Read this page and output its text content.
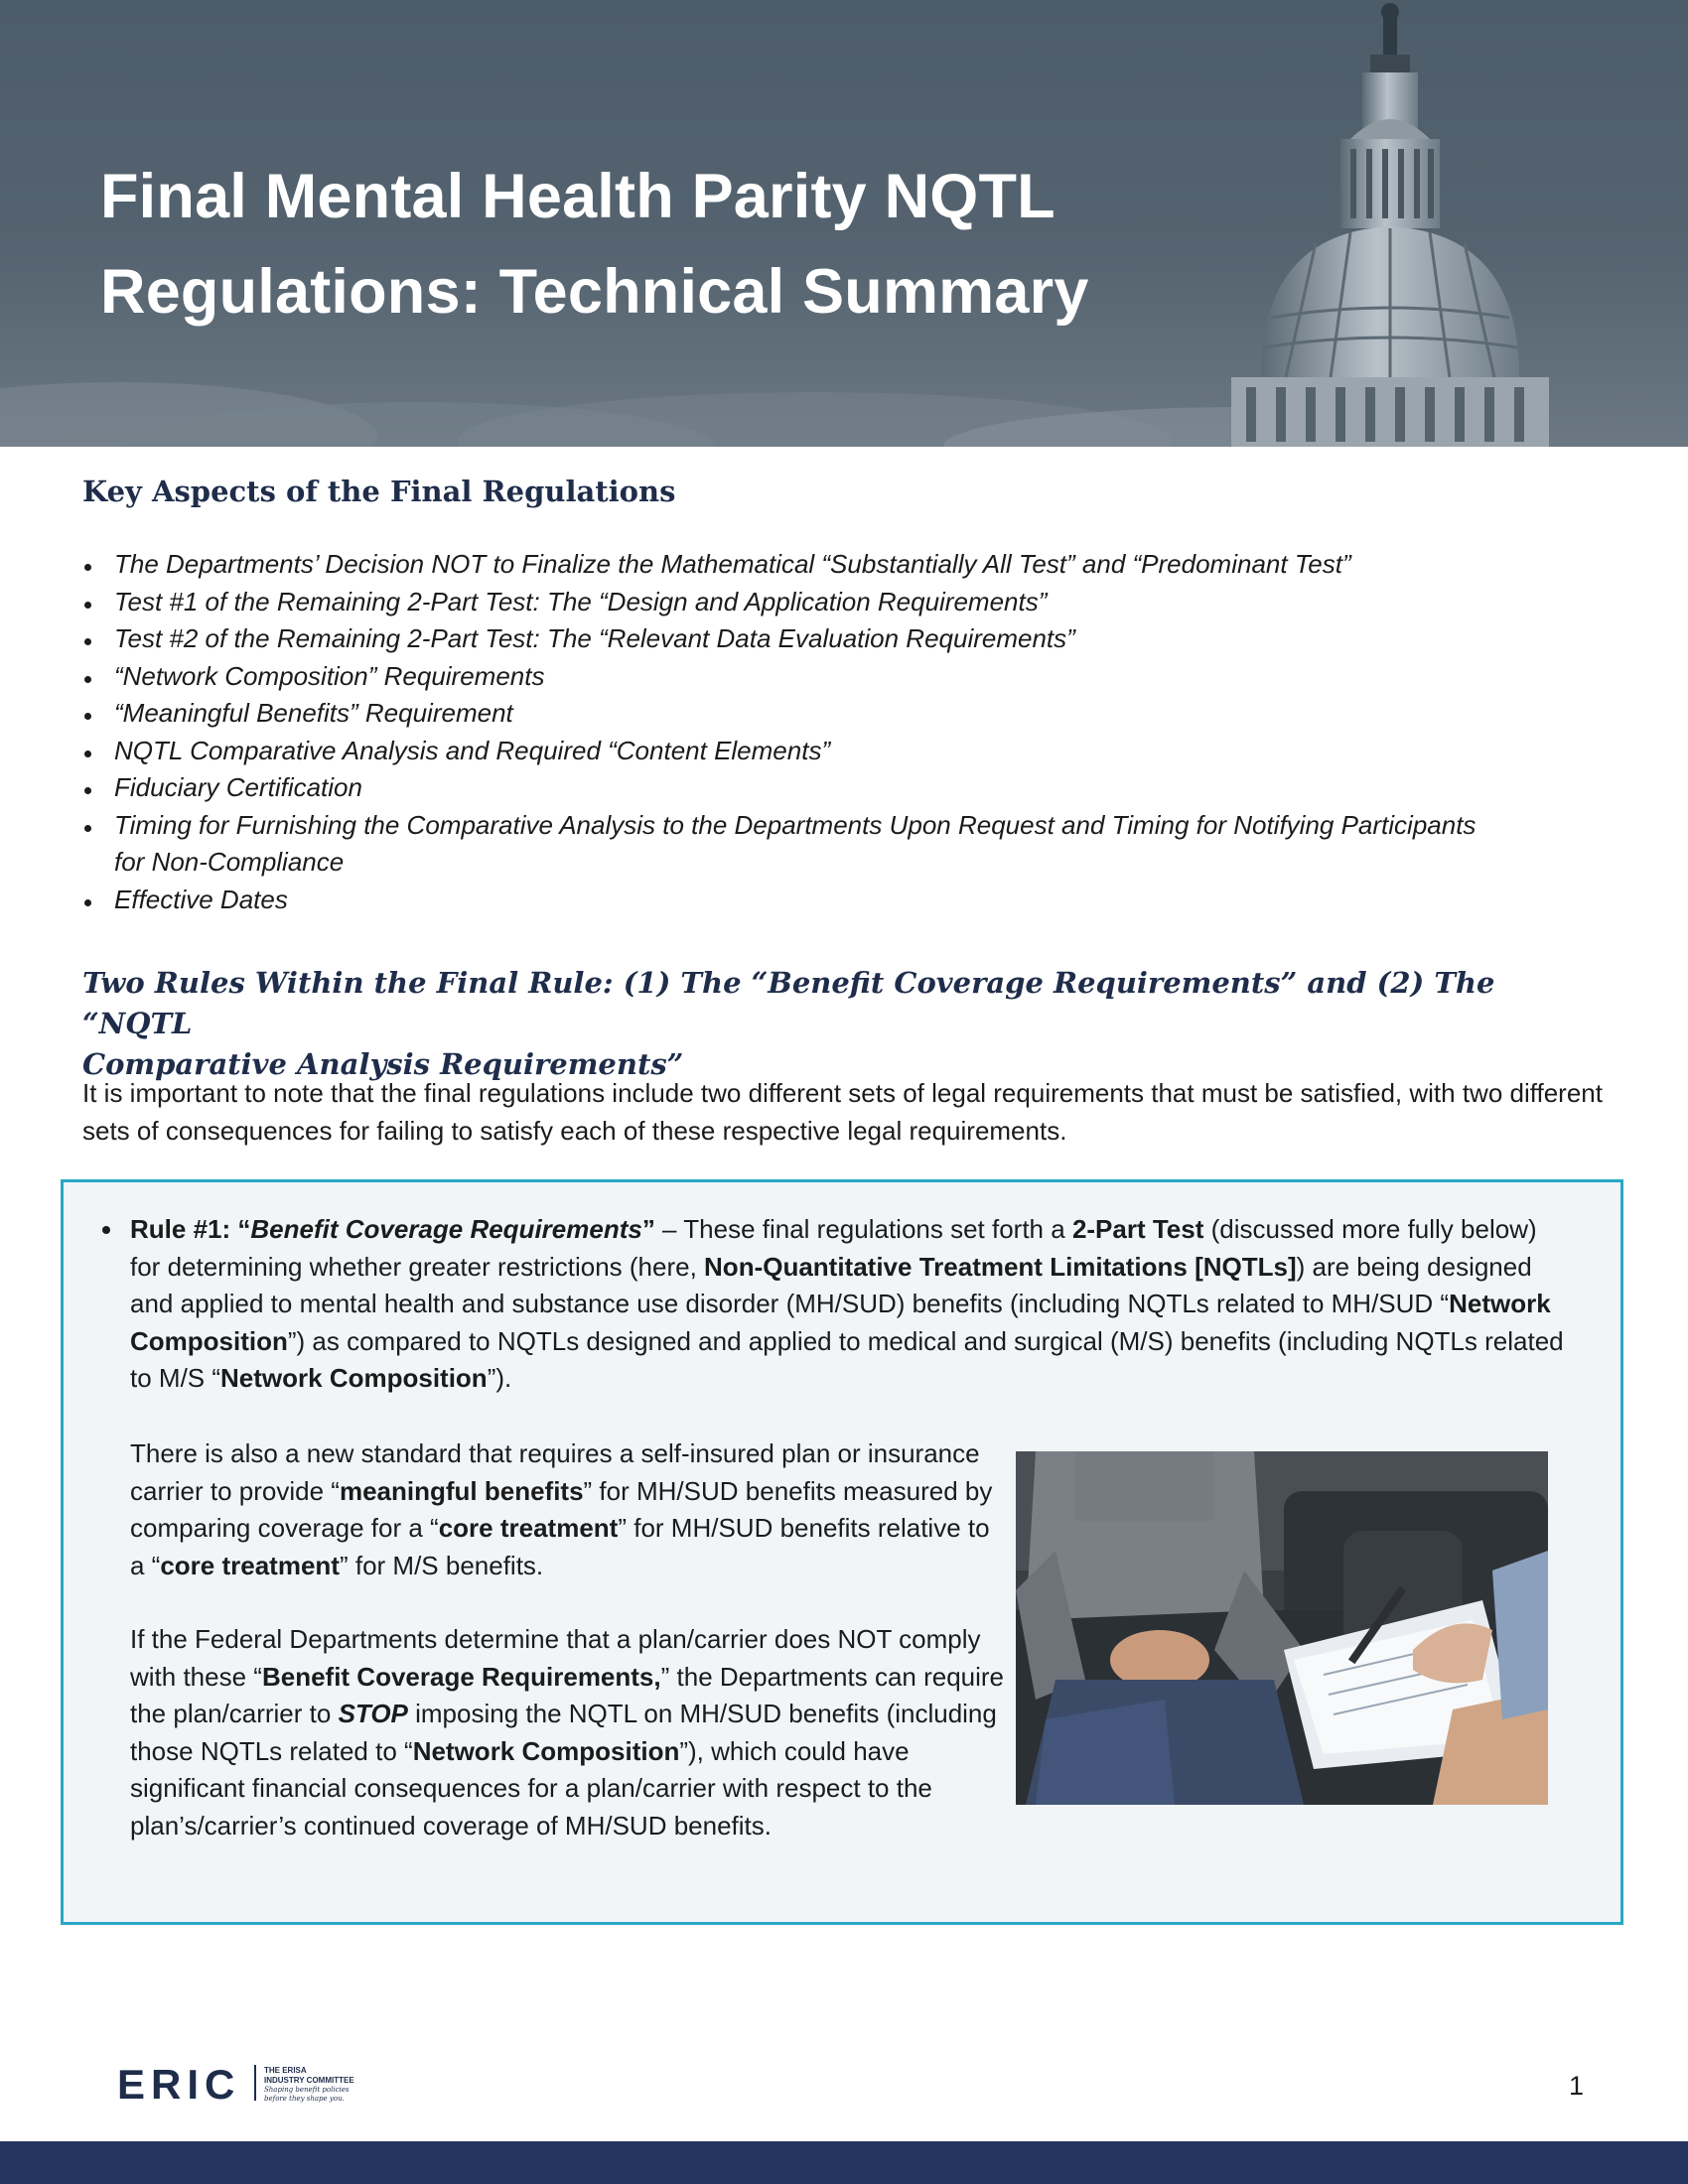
Final Mental Health Parity NQTL
Regulations: Technical Summary
Key Aspects of the Final Regulations
The Departments’ Decision NOT to Finalize the Mathematical “Substantially All Test” and “Predominant Test”
Test #1 of the Remaining 2-Part Test: The “Design and Application Requirements”
Test #2 of the Remaining 2-Part Test: The “Relevant Data Evaluation Requirements”
“Network Composition” Requirements
“Meaningful Benefits” Requirement
NQTL Comparative Analysis and Required “Content Elements”
Fiduciary Certification
Timing for Furnishing the Comparative Analysis to the Departments Upon Request and Timing for Notifying Participants for Non-Compliance
Effective Dates
Two Rules Within the Final Rule: (1) The “Benefit Coverage Requirements” and (2) The “NQTL
Comparative Analysis Requirements”

It is important to note that the final regulations include two different sets of legal requirements that must be satisfied, with two different sets of consequences for failing to satisfy each of these respective legal requirements.

Rule #1: “Benefit Coverage Requirements” – These final regulations set forth a 2-Part Test (discussed more fully below) for determining whether greater restrictions (here, Non-Quantitative Treatment Limitations [NQTLs]) are being designed and applied to mental health and substance use disorder (MH/SUD) benefits (including NQTLs related to MH/SUD “Network Composition”) as compared to NQTLs designed and applied to medical and surgical (M/S) benefits (including NQTLs related to M/S “Network Composition”).

There is also a new standard that requires a self-insured plan or insurance carrier to provide “meaningful benefits” for MH/SUD benefits measured by comparing coverage for a “core treatment” for MH/SUD benefits relative to a “core treatment” for M/S benefits.

If the Federal Departments determine that a plan/carrier does NOT comply with these “Benefit Coverage Requirements,” the Departments can require the plan/carrier to STOP imposing the NQTL on MH/SUD benefits (including those NQTLs related to “Network Composition”), which could have significant financial consequences for a plan/carrier with respect to the plan’s/carrier’s continued coverage of MH/SUD benefits.

ERIC	THE ERISA
INDUSTRY COMMITTEE
Shaping benefit policies
before they shape you.	1
